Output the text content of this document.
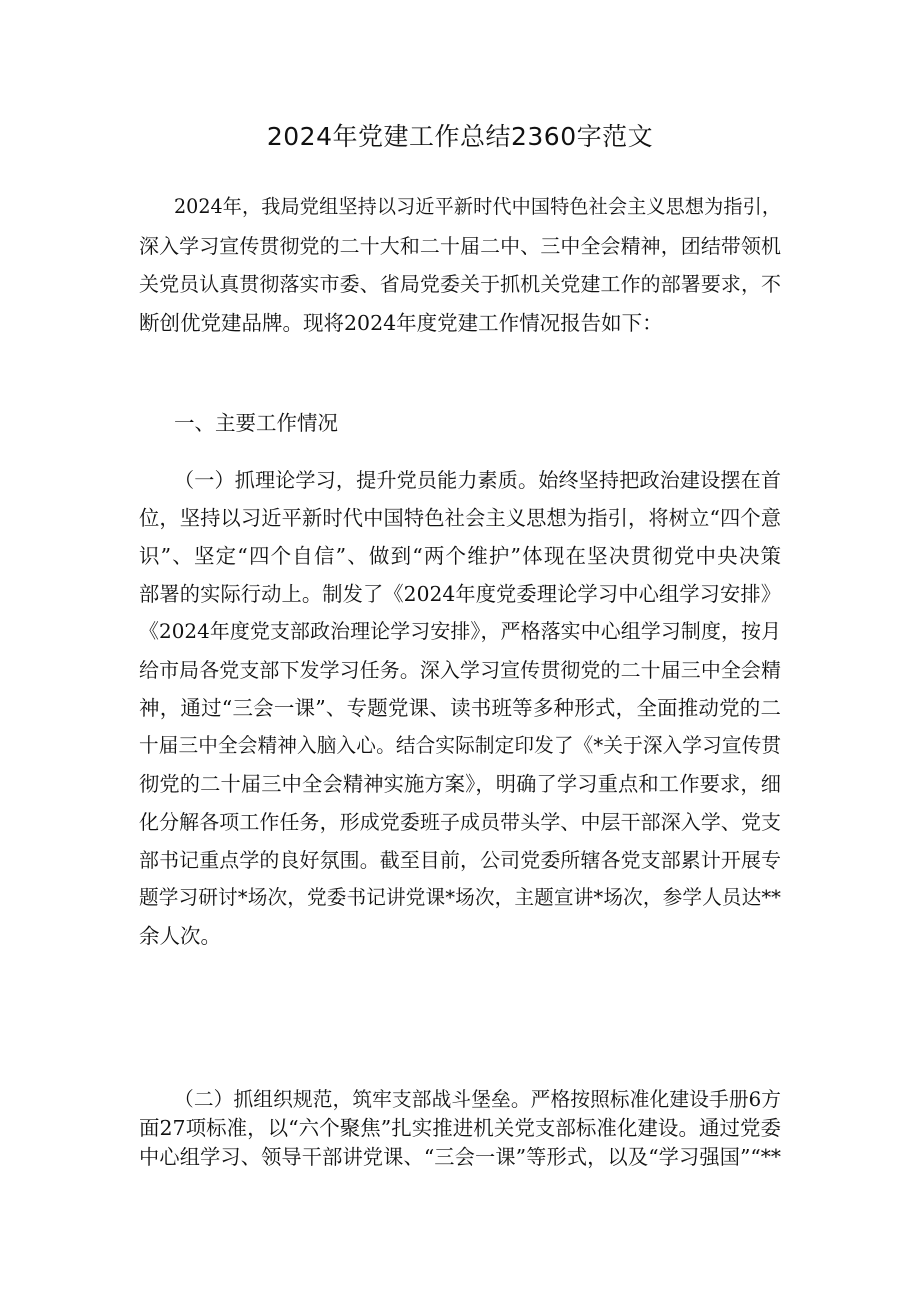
2024年党建工作总结2360字范文
2024年，我局党组坚持以习近平新时代中国特色社会主义思想为指引，
深入学习宣传贯彻党的二十大和二十届二中、三中全会精神，团结带领机
关党员认真贯彻落实市委、省局党委关于抓机关党建工作的部署要求，不
断创优党建品牌。现将2024年度党建工作情况报告如下：
一、主要工作情况
（一）抓理论学习，提升党员能力素质。始终坚持把政治建设摆在首
位，坚持以习近平新时代中国特色社会主义思想为指引，将树立“四个意
识”、坚定“四个自信”、做到“两个维护”体现在坚决贯彻党中央决策
部署的实际行动上。制发了《2024年度党委理论学习中心组学习安排》
《2024年度党支部政治理论学习安排》，严格落实中心组学习制度，按月
给市局各党支部下发学习任务。深入学习宣传贯彻党的二十届三中全会精
神，通过“三会一课”、专题党课、读书班等多种形式，全面推动党的二
十届三中全会精神入脑入心。结合实际制定印发了《*关于深入学习宣传贯
彻党的二十届三中全会精神实施方案》，明确了学习重点和工作要求，细
化分解各项工作任务，形成党委班子成员带头学、中层干部深入学、党支
部书记重点学的良好氛围。截至目前，公司党委所辖各党支部累计开展专
题学习研讨*场次，党委书记讲党课*场次，主题宣讲*场次，参学人员达**
余人次。
（二）抓组织规范，筑牢支部战斗堡垒。严格按照标准化建设手册6方
面27项标准，以“六个聚焦”扎实推进机关党支部标准化建设。通过党委
中心组学习、领导干部讲党课、“三会一课”等形式，以及“学习强国”“**
